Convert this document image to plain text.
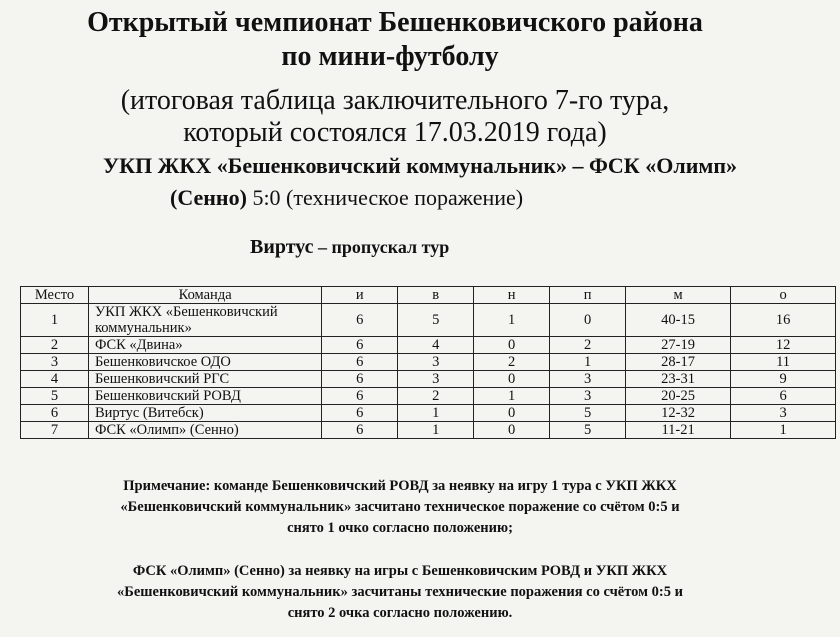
Открытый чемпионат Бешенковичского района
по мини-футболу
(итоговая таблица заключительного 7-го тура,
который состоялся 17.03.2019 года)
УКП ЖКХ «Бешенковичский коммунальник» – ФСК «Олимп»
(Сенно) 5:0 (техническое поражение)
Виртус – пропускал тур
Место	Команда	и	в	н	п	м	о
1	УКП ЖКХ «Бешенковичский коммунальник»	6	5	1	0	40-15	16
2	ФСК «Двина»	6	4	0	2	27-19	12
3	Бешенковичское ОДО	6	3	2	1	28-17	11
4	Бешенковичский РГС	6	3	0	3	23-31	9
5	Бешенковичский РОВД	6	2	1	3	20-25	6
6	Виртус (Витебск)	6	1	0	5	12-32	3
7	ФСК «Олимп» (Сенно)	6	1	0	5	11-21	1
Примечание: команде Бешенковичский РОВД за неявку на игру 1 тура с УКП ЖКХ
«Бешенковичский коммунальник» засчитано техническое поражение со счётом 0:5 и
снято 1 очко согласно положению;
ФСК «Олимп» (Сенно) за неявку на игры с Бешенковичским РОВД и УКП ЖКХ
«Бешенковичский коммунальник» засчитаны технические поражения со счётом 0:5 и
снято 2 очка согласно положению.
